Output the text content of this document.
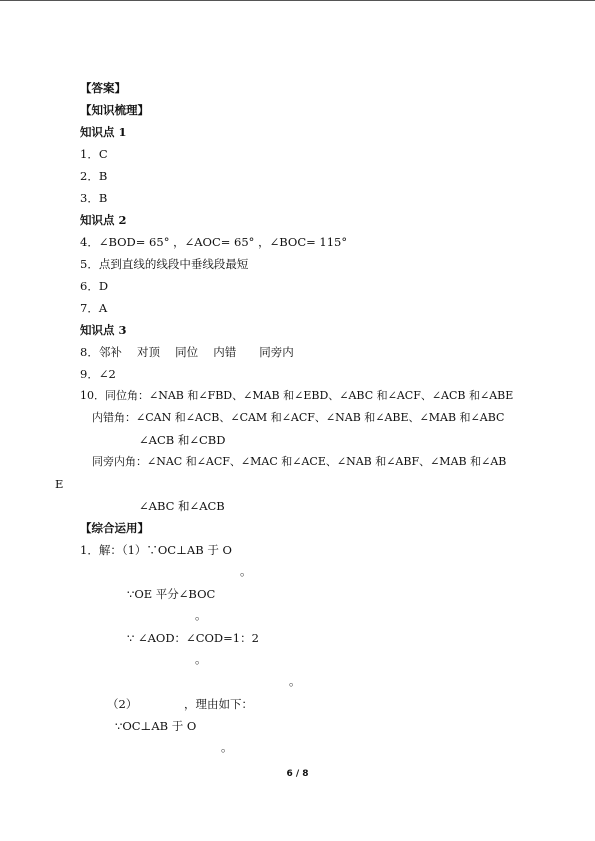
【答案】
【知识梳理】
知识点 1
1．C
2．B
3．B
知识点 2
4．∠BOD= 65° ，∠AOC= 65° ，∠BOC= 115°
5．点到直线的线段中垂线段最短
6．D
7．A
知识点 3
8．邻补　 对顶　 同位　 内错　　同旁内
9．∠2
10．同位角：∠NAB 和∠FBD、∠MAB 和∠EBD、∠ABC 和∠ACF、∠ACB 和∠ABE
内错角：∠CAN 和∠ACB、∠CAM 和∠ACF、∠NAB 和∠ABE、∠MAB 和∠ABC
∠ACB 和∠CBD
同旁内角：∠NAC 和∠ACF、∠MAC 和∠ACE、∠NAB 和∠ABF、∠MAB 和∠AB
E
∠ABC 和∠ACB
【综合运用】
1．解：（1）∵OC⊥AB 于 O
。
∵OE 平分∠BOC
。
∵ ∠AOD：∠COD=1：2
。
。
（2）	，理由如下：
∵OC⊥AB 于 O
。
6 / 8
